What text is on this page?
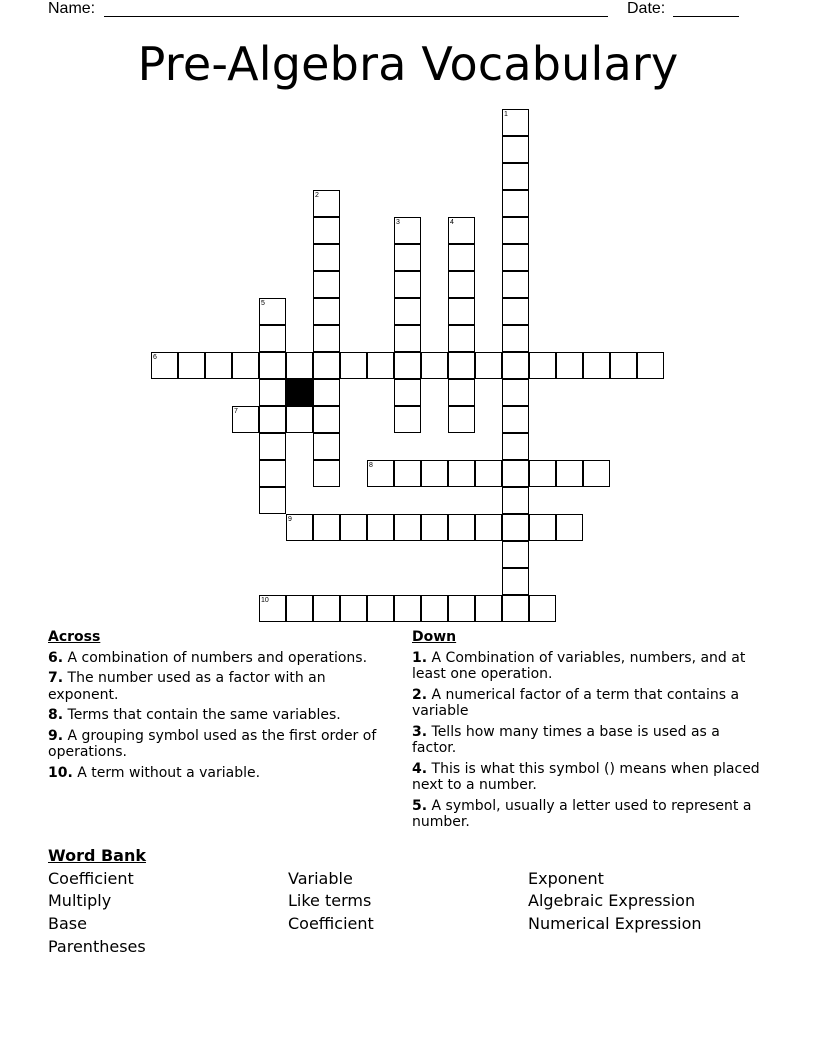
Name:	Date:
Pre-Algebra Vocabulary
1
2
3	4
5
6
7
8
9
10
Across
6. A combination of numbers and operations.
7. The number used as a factor with an exponent.
8. Terms that contain the same variables.
9. A grouping symbol used as the first order of operations.
10. A term without a variable.
Down
1. A Combination of variables, numbers, and at least one operation.
2. A numerical factor of a term that contains a variable
3. Tells how many times a base is used as a factor.
4. This is what this symbol () means when placed next to a number.
5. A symbol, usually a letter used to represent a number.
Word Bank
Coefficient	Variable	Exponent
Multiply	Like terms	Algebraic Expression
Base	Coefficient	Numerical Expression
Parentheses
